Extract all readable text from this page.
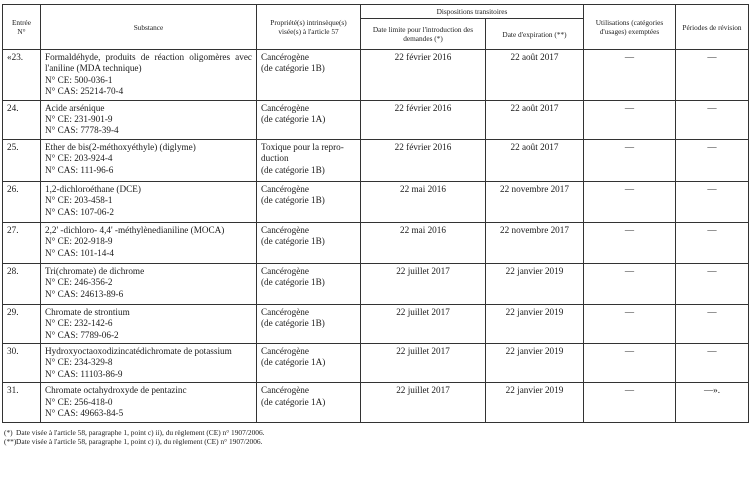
Entrée N°	Substance	Propriété(s) intrinsèque(s) visée(s) à l'article 57	Dispositions transitoires		Utilisations (catégories d'usages) exemptées	Périodes de révision
			Date limite pour l'introduction des demandes (*)	Date d'expiration (**)		
«23.	Formaldéhyde, produits de réaction oligomères avec l'aniline (MDA technique)
N° CE: 500-036-1
N° CAS: 25214-70-4	Cancérogène
(de catégorie 1B)	22 février 2016	22 août 2017	—	—
24.	Acide arsénique
N° CE: 231-901-9
N° CAS: 7778-39-4	Cancérogène
(de catégorie 1A)	22 février 2016	22 août 2017	—	—
25.	Ether de bis(2-méthoxyéthyle) (diglyme)
N° CE: 203-924-4
N° CAS: 111-96-6	Toxique pour la repro-
duction
(de catégorie 1B)	22 février 2016	22 août 2017	—	—
26.	1,2-dichloroéthane (DCE)
N° CE: 203-458-1
N° CAS: 107-06-2	Cancérogène
(de catégorie 1B)	22 mai 2016	22 novembre 2017	—	—
27.	2,2' -dichloro- 4,4' -méthylènedianiline (MOCA)
N° CE: 202-918-9
N° CAS: 101-14-4	Cancérogène
(de catégorie 1B)	22 mai 2016	22 novembre 2017	—	—
28.	Tri(chromate) de dichrome
N° CE: 246-356-2
N° CAS: 24613-89-6	Cancérogène
(de catégorie 1B)	22 juillet 2017	22 janvier 2019	—	—
29.	Chromate de strontium
N° CE: 232-142-6
N° CAS: 7789-06-2	Cancérogène
(de catégorie 1B)	22 juillet 2017	22 janvier 2019	—	—
30.	Hydroxyoctaoxodizincatédichromate de potassium
N° CE: 234-329-8
N° CAS: 11103-86-9	Cancérogène
(de catégorie 1A)	22 juillet 2017	22 janvier 2019	—	—
31.	Chromate octahydroxyde de pentazinc
N° CE: 256-418-0
N° CAS: 49663-84-5	Cancérogène
(de catégorie 1A)	22 juillet 2017	22 janvier 2019	—	—».
(*) Date visée à l'article 58, paragraphe 1, point c) ii), du règlement (CE) n° 1907/2006.
(**)Date visée à l'article 58, paragraphe 1, point c) i), du règlement (CE) n° 1907/2006.
